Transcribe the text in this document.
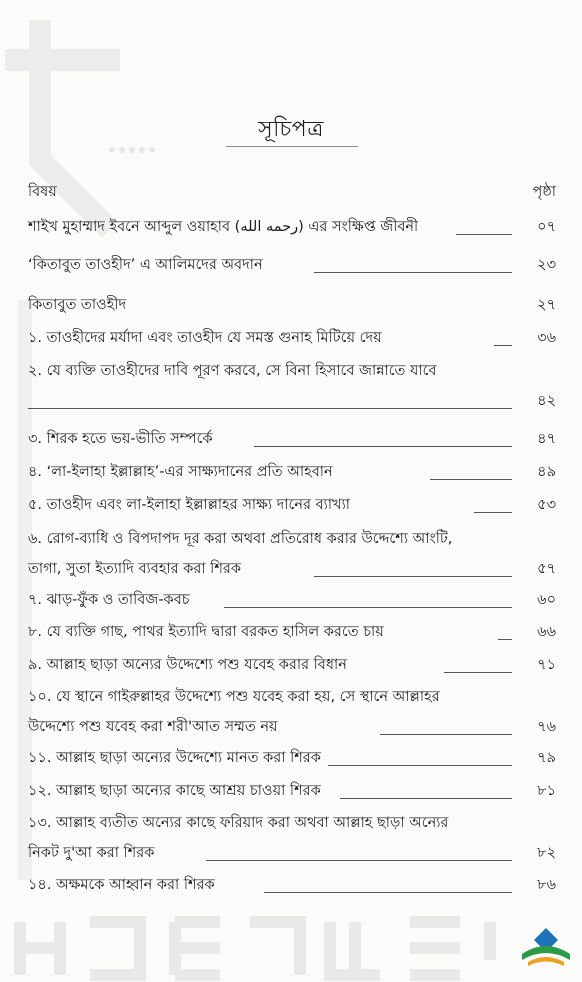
সূচিপত্র
বিষয়	পৃষ্ঠা
শাইখ মুহাম্মাদ ইবনে আব্দুল ওয়াহাব (رحمه الله) এর সংক্ষিপ্ত জীবনী	০৭
‘কিতাবুত তাওহীদ’ এ আলিমদের অবদান	২৩
কিতাবুত তাওহীদ	২৭
১. তাওহীদের মর্যাদা এবং তাওহীদ যে সমস্ত গুনাহ মিটিয়ে দেয়	৩৬
২. যে ব্যক্তি তাওহীদের দাবি পূরণ করবে, সে বিনা হিসাবে জান্নাতে যাবে
৪২
৩. শিরক হতে ভয়-ভীতি সম্পর্কে	৪৭
৪. ‘লা-ইলাহা ইল্লাল্লাহ’-এর সাক্ষ্যদানের প্রতি আহবান	৪৯
৫. তাওহীদ এবং লা-ইলাহা ইল্লাল্লাহর সাক্ষ্য দানের ব্যাখ্যা	৫৩
৬. রোগ-ব্যাধি ও বিপদাপদ দূর করা অথবা প্রতিরোধ করার উদ্দেশ্যে আংটি,
তাগা, সুতা ইত্যাদি ব্যবহার করা শিরক	৫৭
৭. ঝাড়-ফুঁক ও তাবিজ-কবচ	৬০
৮. যে ব্যক্তি গাছ, পাথর ইত্যাদি দ্বারা বরকত হাসিল করতে চায়	৬৬
৯. আল্লাহ ছাড়া অন্যের উদ্দেশ্যে পশু যবেহ করার বিধান	৭১
১০. যে স্থানে গাইরুল্লাহর উদ্দেশ্যে পশু যবেহ করা হয়, সে স্থানে আল্লাহর
উদ্দেশ্যে পশু যবেহ করা শরী'আত সম্মত নয়	৭৬
১১. আল্লাহ ছাড়া অন্যের উদ্দেশ্যে মানত করা শিরক	৭৯
১২. আল্লাহ ছাড়া অন্যের কাছে আশ্রয় চাওয়া শিরক	৮১
১৩. আল্লাহ ব্যতীত অন্যের কাছে ফরিয়াদ করা অথবা আল্লাহ ছাড়া অন্যের
নিকট দু'আ করা শিরক	৮২
১৪. অক্ষমকে আহ্বান করা শিরক	৮৬
